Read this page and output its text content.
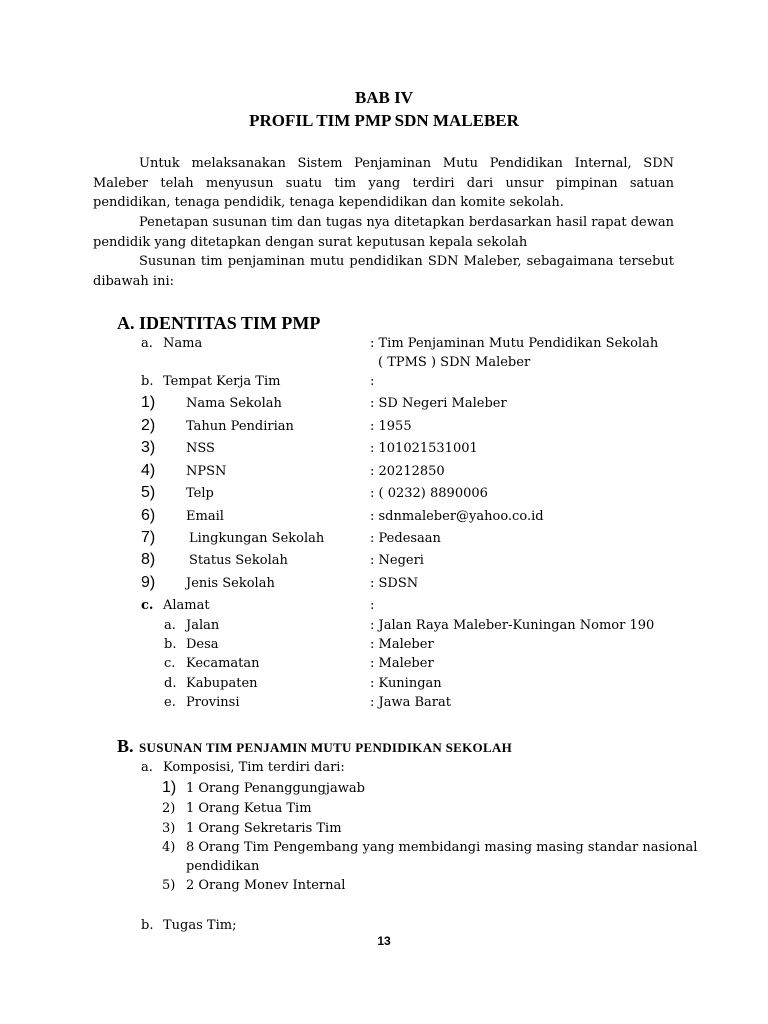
BAB IV
PROFIL TIM PMP SDN MALEBER

Untuk melaksanakan Sistem Penjaminan Mutu Pendidikan Internal, SDN Maleber telah menyusun suatu tim yang terdiri dari unsur pimpinan satuan pendidikan, tenaga pendidik, tenaga kependidikan dan komite sekolah.

Penetapan susunan tim dan tugas nya ditetapkan berdasarkan hasil rapat dewan pendidik yang ditetapkan dengan surat keputusan kepala sekolah

Susunan tim penjaminan mutu pendidikan SDN Maleber, sebagaimana tersebut dibawah ini:

A. IDENTITAS TIM PMP
a. Nama	: Tim Penjaminan Mutu Pendidikan Sekolah
( TPMS ) SDN Maleber
b. Tempat Kerja Tim	:
1) Nama Sekolah	: SD Negeri Maleber
2) Tahun Pendirian	: 1955
3) NSS	: 101021531001
4) NPSN	: 20212850
5) Telp	: ( 0232) 8890006
6) Email	: sdnmaleber@yahoo.co.id
7)	Lingkungan Sekolah	: Pedesaan
8)	Status Sekolah	: Negeri
9) Jenis Sekolah	: SDSN
c. Alamat	:
a. Jalan	: Jalan Raya Maleber-Kuningan Nomor 190
b. Desa	: Maleber
c. Kecamatan	: Maleber
d. Kabupaten	: Kuningan
e. Provinsi	: Jawa Barat
B. SUSUNAN TIM PENJAMIN MUTU PENDIDIKAN SEKOLAH
a. Komposisi, Tim terdiri dari:
1) 1 Orang Penanggungjawab
2) 1 Orang Ketua Tim
3) 1 Orang Sekretaris Tim
4) 8 Orang Tim Pengembang yang membidangi masing masing standar nasional
pendidikan
5) 2 Orang Monev Internal
b. Tugas Tim;
13
